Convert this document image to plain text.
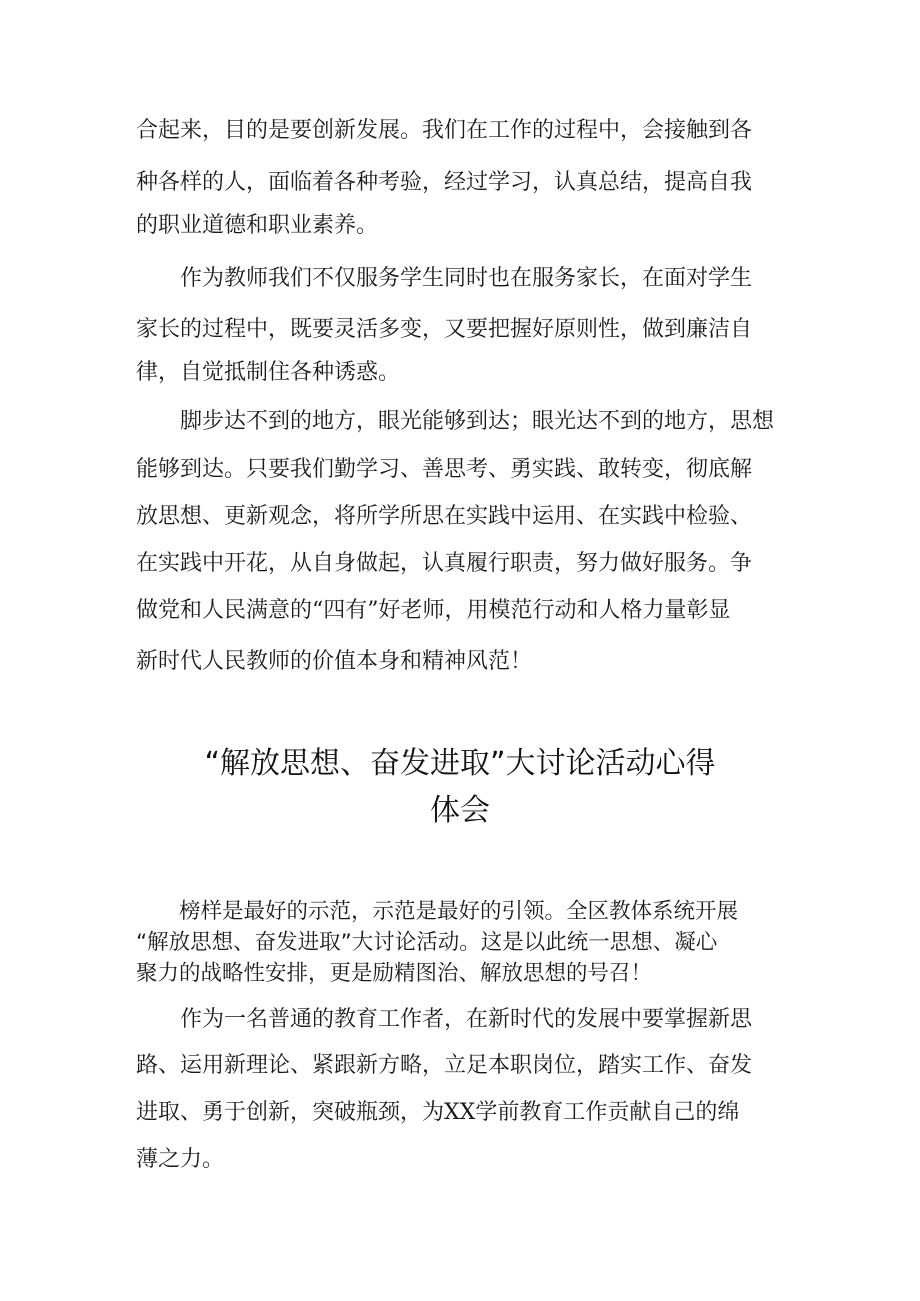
合起来，目的是要创新发展。我们在工作的过程中，会接触到各
种各样的人，面临着各种考验，经过学习，认真总结，提高自我
的职业道德和职业素养。
　　作为教师我们不仅服务学生同时也在服务家长，在面对学生
家长的过程中，既要灵活多变，又要把握好原则性，做到廉洁自
律，自觉抵制住各种诱惑。
　　脚步达不到的地方，眼光能够到达；眼光达不到的地方，思想
能够到达。只要我们勤学习、善思考、勇实践、敢转变，彻底解
放思想、更新观念，将所学所思在实践中运用、在实践中检验、
在实践中开花，从自身做起，认真履行职责，努力做好服务。争
做党和人民满意的“四有”好老师，用模范行动和人格力量彰显
新时代人民教师的价值本身和精神风范！
“解放思想、奋发进取”大讨论活动心得
体会
　　榜样是最好的示范，示范是最好的引领。全区教体系统开展
“解放思想、奋发进取”大讨论活动。这是以此统一思想、凝心
聚力的战略性安排，更是励精图治、解放思想的号召！
　　作为一名普通的教育工作者，在新时代的发展中要掌握新思
路、运用新理论、紧跟新方略，立足本职岗位，踏实工作、奋发
进取、勇于创新，突破瓶颈，为XX学前教育工作贡献自己的绵
薄之力。
